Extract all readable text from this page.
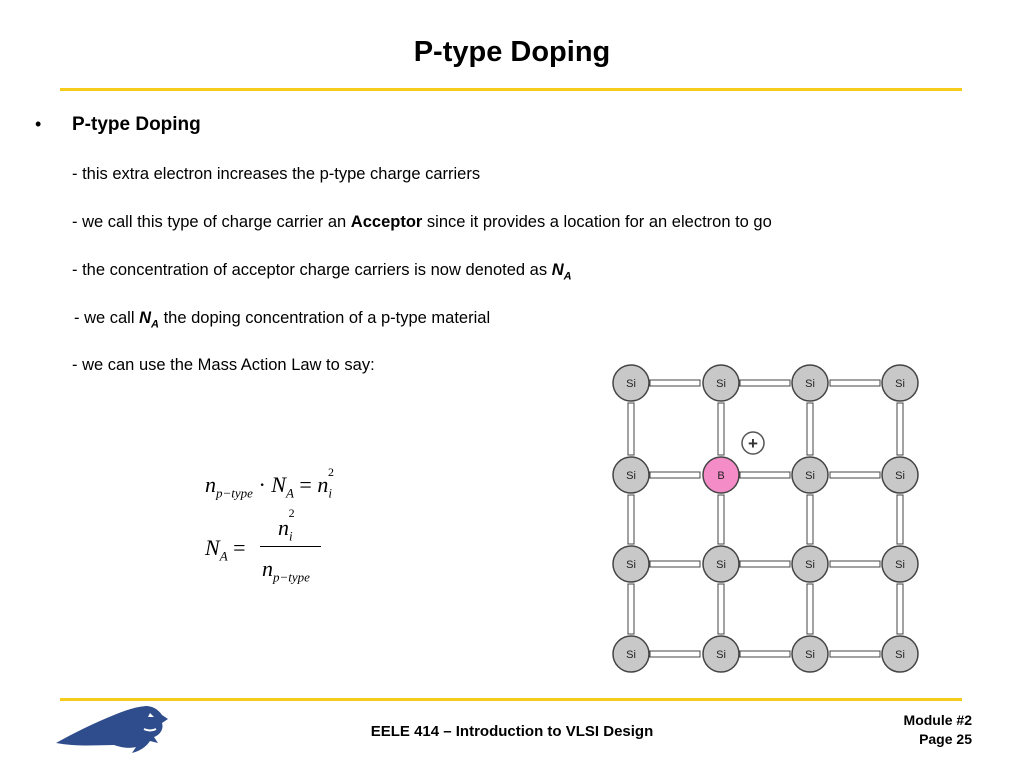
P-type Doping
• P-type Doping
- this extra electron increases the p-type charge carriers
- we call this type of charge carrier an Acceptor since it provides a location for an electron to go
- the concentration of acceptor charge carriers is now denoted as $N_A$
- we call $N_A$ the doping concentration of a p-type material
- we can use the Mass Action Law to say:
$n_{p-type} \cdot N_A = n_i^2$
$N_A$ =
$n_i^2$
$n_{p-type}$
+
Si	Si	Si	Si
Si	B	Si	Si
Si	Si	Si	Si
Si	Si	Si	Si
EELE 414 – Introduction to VLSI Design
Module #2
Page 25
